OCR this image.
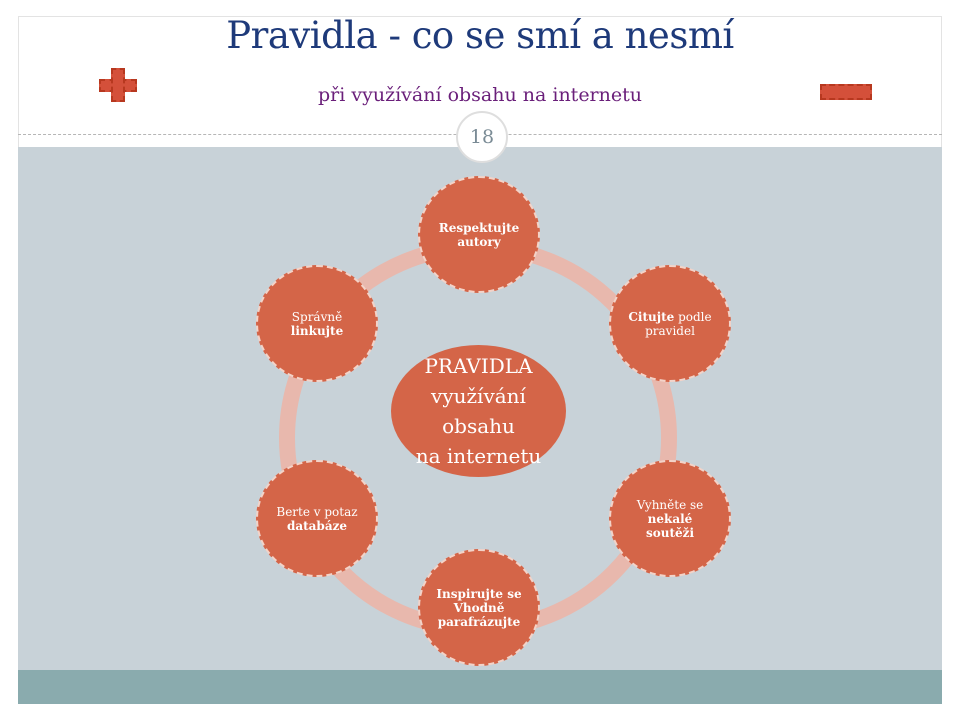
Pravidla - co se smí a nesmí
při využívání obsahu na internetu
18
PRAVIDLA
využívání
obsahu
na internetu
Respektujte
autory
Citujte podle
pravidel
Vyhněte se
nekalé
soutěži
Inspirujte se
Vhodně
parafrázujte
Berte v potaz
databáze
Správně
linkujte
